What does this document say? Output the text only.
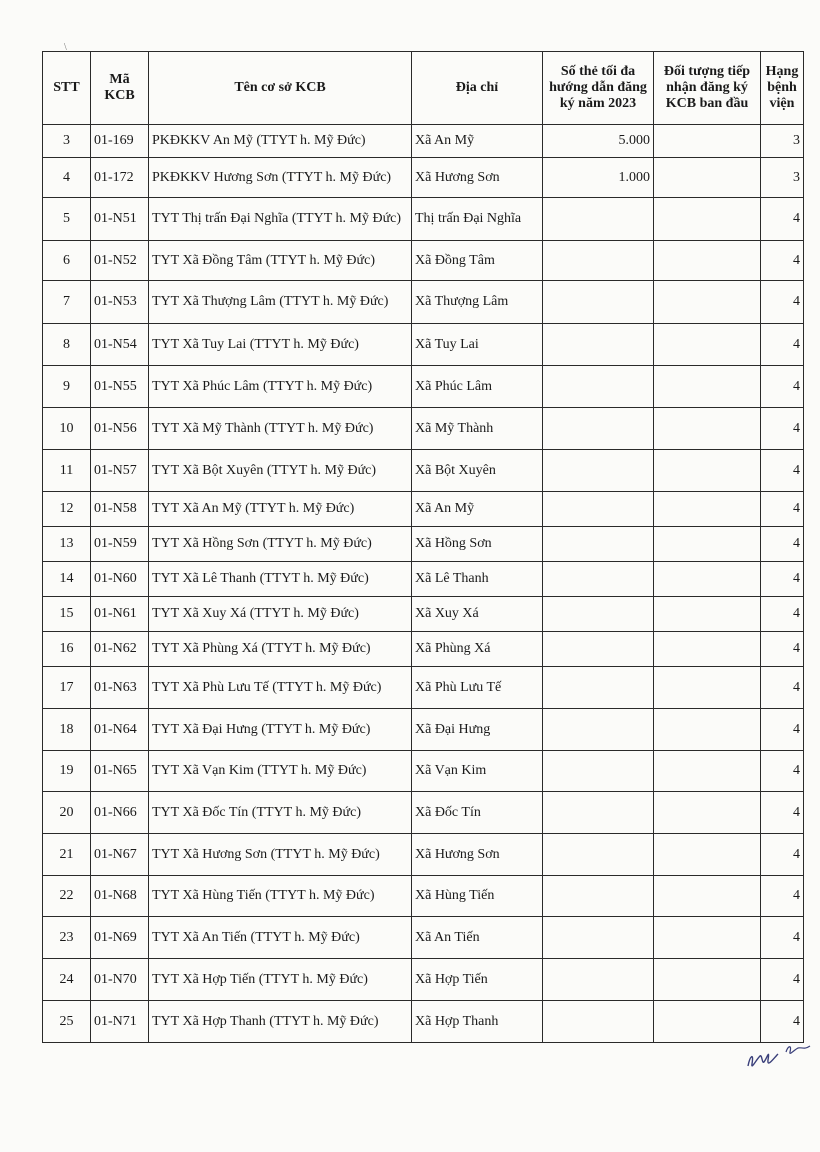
\
STT	Mã KCB	Tên cơ sở KCB	Địa chỉ	Số thẻ tối đa hướng dẫn đăng ký năm 2023	Đối tượng tiếp nhận đăng ký KCB ban đầu	Hạng bệnh viện
3	01-169	PKĐKKV An Mỹ (TTYT h. Mỹ Đức)	Xã An Mỹ	5.000		3
4	01-172	PKĐKKV Hương Sơn (TTYT h. Mỹ Đức)	Xã Hương Sơn	1.000		3
5	01-N51	TYT Thị trấn Đại Nghĩa (TTYT h. Mỹ Đức)	Thị trấn Đại Nghĩa			4
6	01-N52	TYT Xã Đồng Tâm (TTYT h. Mỹ Đức)	Xã Đồng Tâm			4
7	01-N53	TYT Xã Thượng Lâm (TTYT h. Mỹ Đức)	Xã Thượng Lâm			4
8	01-N54	TYT Xã Tuy Lai (TTYT h. Mỹ Đức)	Xã Tuy Lai			4
9	01-N55	TYT Xã Phúc Lâm (TTYT h. Mỹ Đức)	Xã Phúc Lâm			4
10	01-N56	TYT Xã Mỹ Thành (TTYT h. Mỹ Đức)	Xã Mỹ Thành			4
11	01-N57	TYT Xã Bột Xuyên (TTYT h. Mỹ Đức)	Xã Bột Xuyên			4
12	01-N58	TYT Xã An Mỹ (TTYT h. Mỹ Đức)	Xã An Mỹ			4
13	01-N59	TYT Xã Hồng Sơn (TTYT h. Mỹ Đức)	Xã Hồng Sơn			4
14	01-N60	TYT Xã Lê Thanh (TTYT h. Mỹ Đức)	Xã Lê Thanh			4
15	01-N61	TYT Xã Xuy Xá (TTYT h. Mỹ Đức)	Xã Xuy Xá			4
16	01-N62	TYT Xã Phùng Xá (TTYT h. Mỹ Đức)	Xã Phùng Xá			4
17	01-N63	TYT Xã Phù Lưu Tế (TTYT h. Mỹ Đức)	Xã Phù Lưu Tế			4
18	01-N64	TYT Xã Đại Hưng (TTYT h. Mỹ Đức)	Xã Đại Hưng			4
19	01-N65	TYT Xã Vạn Kim (TTYT h. Mỹ Đức)	Xã Vạn Kim			4
20	01-N66	TYT Xã Đốc Tín (TTYT h. Mỹ Đức)	Xã Đốc Tín			4
21	01-N67	TYT Xã Hương Sơn (TTYT h. Mỹ Đức)	Xã Hương Sơn			4
22	01-N68	TYT Xã Hùng Tiến (TTYT h. Mỹ Đức)	Xã Hùng Tiến			4
23	01-N69	TYT Xã An Tiến (TTYT h. Mỹ Đức)	Xã An Tiến			4
24	01-N70	TYT Xã Hợp Tiến (TTYT h. Mỹ Đức)	Xã Hợp Tiến			4
25	01-N71	TYT Xã Hợp Thanh (TTYT h. Mỹ Đức)	Xã Hợp Thanh			4
